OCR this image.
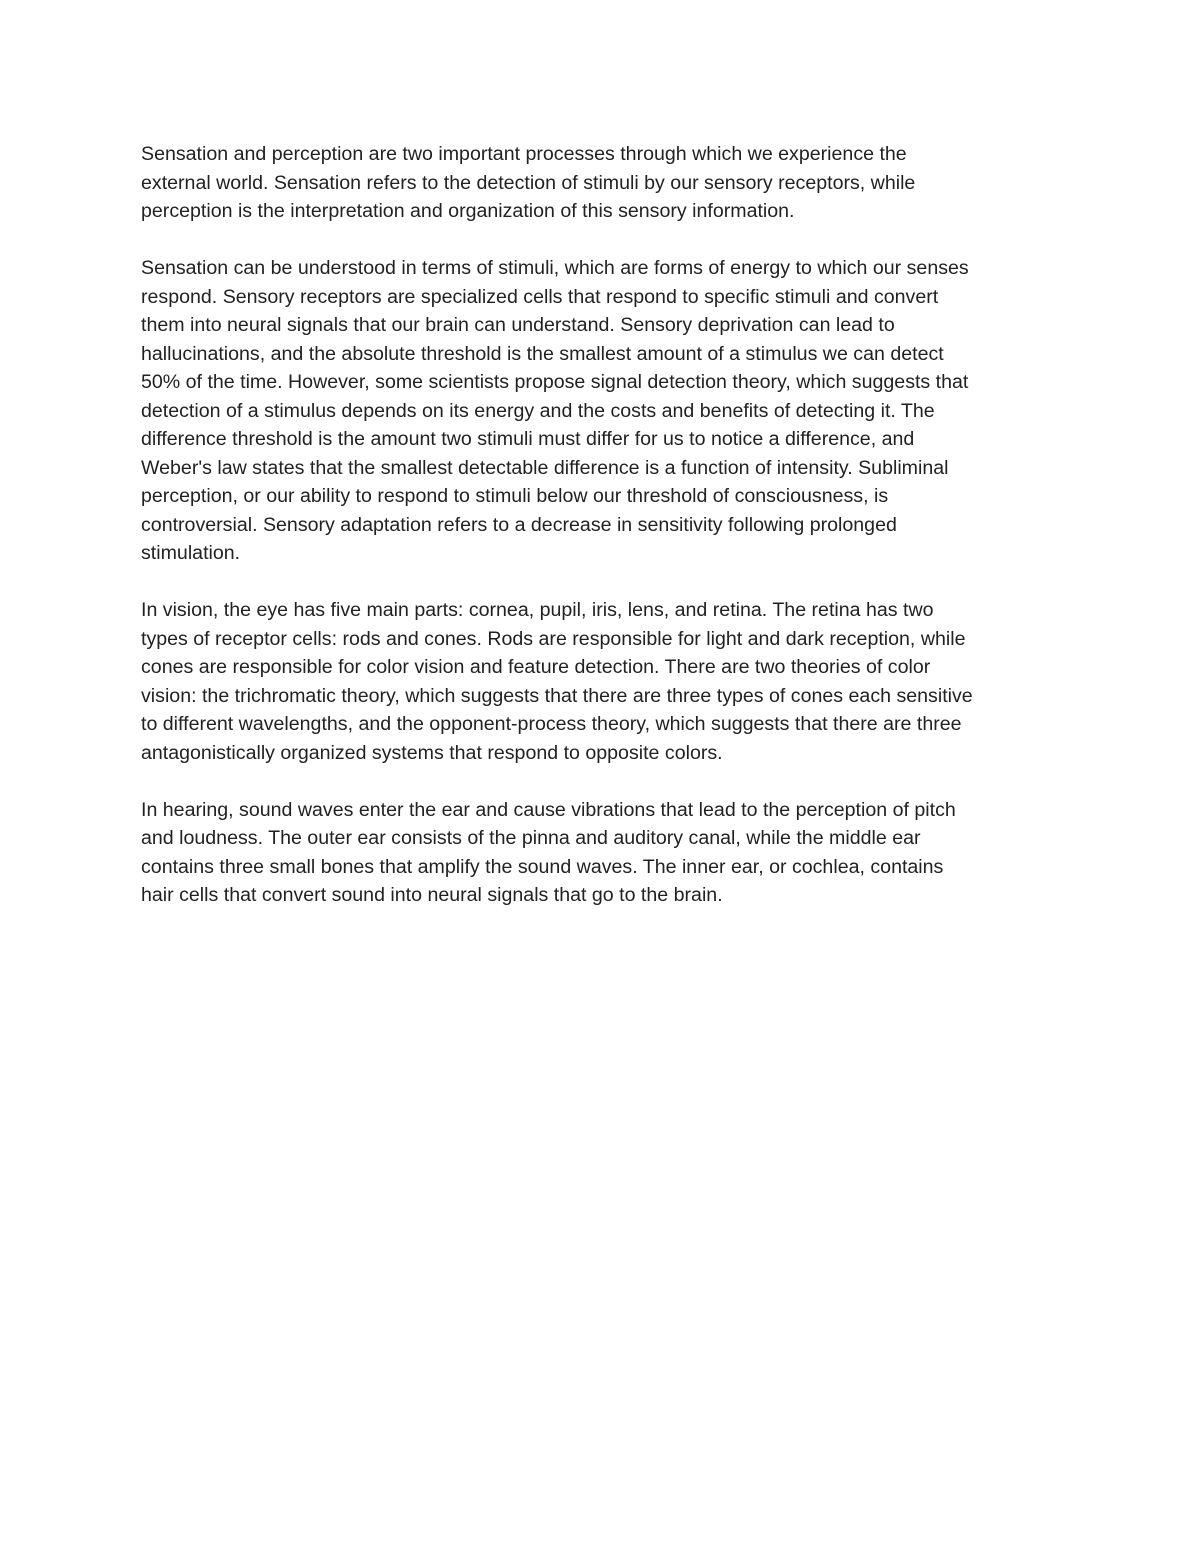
Sensation and perception are two important processes through which we experience the
external world. Sensation refers to the detection of stimuli by our sensory receptors, while
perception is the interpretation and organization of this sensory information.

Sensation can be understood in terms of stimuli, which are forms of energy to which our senses
respond. Sensory receptors are specialized cells that respond to specific stimuli and convert
them into neural signals that our brain can understand. Sensory deprivation can lead to
hallucinations, and the absolute threshold is the smallest amount of a stimulus we can detect
50% of the time. However, some scientists propose signal detection theory, which suggests that
detection of a stimulus depends on its energy and the costs and benefits of detecting it. The
difference threshold is the amount two stimuli must differ for us to notice a difference, and
Weber's law states that the smallest detectable difference is a function of intensity. Subliminal
perception, or our ability to respond to stimuli below our threshold of consciousness, is
controversial. Sensory adaptation refers to a decrease in sensitivity following prolonged
stimulation.

In vision, the eye has five main parts: cornea, pupil, iris, lens, and retina. The retina has two
types of receptor cells: rods and cones. Rods are responsible for light and dark reception, while
cones are responsible for color vision and feature detection. There are two theories of color
vision: the trichromatic theory, which suggests that there are three types of cones each sensitive
to different wavelengths, and the opponent-process theory, which suggests that there are three
antagonistically organized systems that respond to opposite colors.

In hearing, sound waves enter the ear and cause vibrations that lead to the perception of pitch
and loudness. The outer ear consists of the pinna and auditory canal, while the middle ear
contains three small bones that amplify the sound waves. The inner ear, or cochlea, contains
hair cells that convert sound into neural signals that go to the brain.
